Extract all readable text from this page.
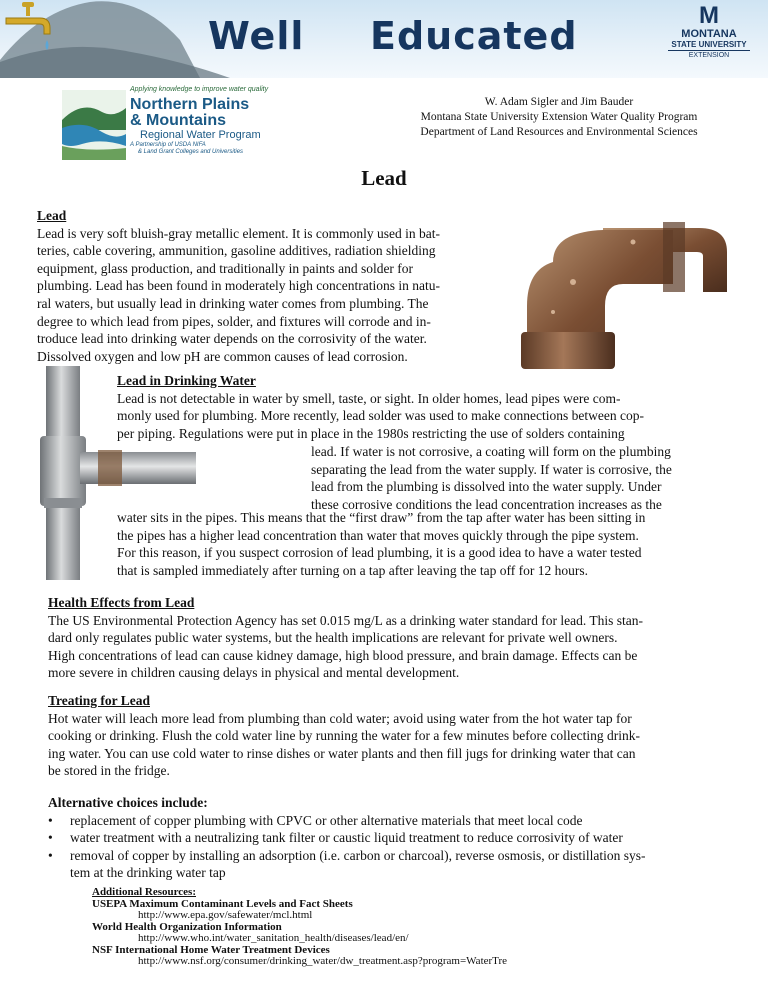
Well Educated	M
MONTANA
STATE UNIVERSITY
EXTENSION
Applying knowledge to improve water quality
Northern Plains
& Mountains
Regional Water Program
A Partnership of USDA NIFA
& Land Grant Colleges and Universities
W. Adam Sigler and Jim Bauder
Montana State University Extension Water Quality Program
Department of Land Resources and Environmental Sciences
Lead
Lead
Lead is very soft bluish-gray metallic element. It is commonly used in bat-
teries, cable covering, ammunition, gasoline additives, radiation shielding
equipment, glass production, and traditionally in paints and solder for
plumbing. Lead has been found in moderately high concentrations in natu-
ral waters, but usually lead in drinking water comes from plumbing. The
degree to which lead from pipes, solder, and fixtures will corrode and in-
troduce lead into drinking water depends on the corrosivity of the water.
Dissolved oxygen and low pH are common causes of lead corrosion.
Lead in Drinking Water
Lead is not detectable in water by smell, taste, or sight. In older homes, lead pipes were com-
monly used for plumbing. More recently, lead solder was used to make connections between cop-
per piping. Regulations were put in place in the 1980s restricting the use of solders containing
lead. If water is not corrosive, a coating will form on the plumbing
separating the lead from the water supply. If water is corrosive, the
lead from the plumbing is dissolved into the water supply. Under
these corrosive conditions the lead concentration increases as the
water sits in the pipes. This means that the “first draw” from the tap after water has been sitting in
the pipes has a higher lead concentration than water that moves quickly through the pipe system.
For this reason, if you suspect corrosion of lead plumbing, it is a good idea to have a water tested
that is sampled immediately after turning on a tap after leaving the tap off for 12 hours.
Health Effects from Lead
The US Environmental Protection Agency has set 0.015 mg/L as a drinking water standard for lead. This stan-
dard only regulates public water systems, but the health implications are relevant for private well owners.
High concentrations of lead can cause kidney damage, high blood pressure, and brain damage. Effects can be
more severe in children causing delays in physical and mental development.
Treating for Lead
Hot water will leach more lead from plumbing than cold water; avoid using water from the hot water tap for
cooking or drinking. Flush the cold water line by running the water for a few minutes before collecting drink-
ing water. You can use cold water to rinse dishes or water plants and then fill jugs for drinking water that can
be stored in the fridge.
Alternative choices include:
• replacement of copper plumbing with CPVC or other alternative materials that meet local code
• water treatment with a neutralizing tank filter or caustic liquid treatment to reduce corrosivity of water
• removal of copper by installing an adsorption (i.e. carbon or charcoal), reverse osmosis, or distillation sys-
tem at the drinking water tap
Additional Resources:
USEPA Maximum Contaminant Levels and Fact Sheets
http://www.epa.gov/safewater/mcl.html
World Health Organization Information
http://www.who.int/water_sanitation_health/diseases/lead/en/
NSF International Home Water Treatment Devices
http://www.nsf.org/consumer/drinking_water/dw_treatment.asp?program=WaterTre
